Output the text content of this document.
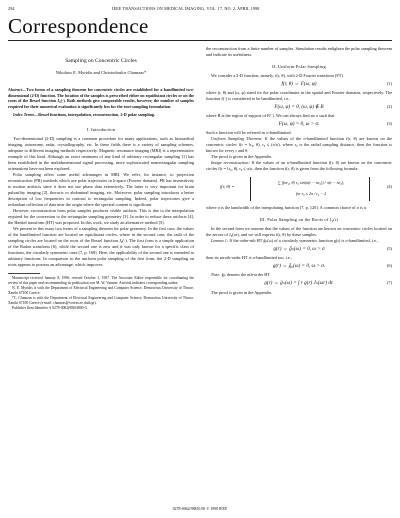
294	IEEE TRANSACTIONS ON MEDICAL IMAGING, VOL. 17, NO. 2, APRIL 1998
Correspondence
Sampling on Concentric Circles
Nikolaos E. Myridis and Christodoulos Chamzas*
Abstract—Two forms of a sampling theorem for concentric circles are established for a bandlimited two-dimensional (2-D) function. The location of the samples is prescribed either on equidistant circles or on the roots of the Bessel function J₀(·). Both methods give comparable results, however, the number of samples required for their numerical evaluation is significantly less for the root-sampling formulation.
Index Terms—Bessel functions, interpolation, reconstruction, 2-D polar sampling.
I. Introduction

Two-dimensional (2-D) sampling is a common procedure for many applications, such as biomedical imaging, astronomy, radar, crystallography, etc. In these fields there is a variety of sampling schemes, adequate to different imaging methods respectively. Magnetic resonance imaging (MRI) is a representative example of this kind. Although an exact treatment of any kind of arbitrary rectangular sampling [1] has been established in the multidimensional signal processing, more sophisticated nonrectangular sampling orientations have not been explored.

Polar sampling offers some useful advantages in MRI. We refer, for instance, to projection reconstruction (PR) methods which use polar trajectories in k-space (Fourier domain). PR has insensitivity to motion artifacts since it does not use phase data extensively. The latter is very important for brain pulsatility imaging [2], thoracic or abdominal imaging, etc. Moreover, polar sampling introduces a better description of low frequencies in contrast to rectangular sampling. Indeed, polar trajectories give a redundant collection of data near the origin where the spectral content is significant.

However, reconstruction from polar samples produces visible artifacts. This is due to the interpolation required for the conversion to the rectangular sampling geometry [3]. In order to reduce these artifacts [4], the Hankel transform (HT) was proposed. In this work, we study an alternative method [5].

We present in this essay two forms of a sampling theorem for polar geometry. In the first case, the values of the bandlimited function are located on equidistant circles, where in the second case, the radii of the sampling circles are located on the roots of the Bessel function J₀(·). The first form is a simple application of the Radon transform [6], while the second one is new and it was only known for a specific class of functions, the circularly symmetric ones [7, p. 168]. Here, the applicability of the second one is extended to arbitrary functions. In comparison to the uniform polar sampling of the first form, the 2-D sampling on roots appears to possess an advantage, which improves

Manuscript received January 8, 1996; revised October 1, 1997. The Associate Editor responsible for coordinating the review of this paper and recommending its publication was M. W. Vannier. Asterisk indicates corresponding author.

N. E. Myridis is with the Department of Electrical Engineering and Computer Science, Democritus University of Thrace, Xanthi 67100 Greece.

*C. Chamzas is with the Department of Electrical Engineering and Computer Science, Democritus University of Thrace, Xanthi 67100 Greece (e-mail: chamzas@voreas.ee.duth.gr).

Publisher Item Identifier S 0278-0062(98)04800-3.

the reconstruction from a finite number of samples. Simulation results enlighten the polar sampling theorem and indicate its usefulness.

II. Uniform Polar Sampling

We consider a 2-D function, namely, f(r, θ), with 2-D Fourier transform (FT)

f(r, θ) ⇔ F(ω, φ)	(1)

where (r, θ) and (ω, φ) stand for the polar coordinates in the spatial and Fourier domains, respectively. The function f(·) is considered to be bandlimited, i.e.,

F(ω, φ) = 0, (ω, φ) ∉ B	(2)

where B is the region of support of F(·). We can always find an σ such that

F(ω, φ) = 0, ω > σ.	(3)

Such a function will be referred as σ-bandlimited.

Uniform Sampling Theorem: If the values of the σ-bandlimited function f(r, θ) are known on the concentric circles f(r = lτ₀, θ), r₀ ≤ (π/σ), where r₀ is the radial sampling distance, then the function is known for every r and θ.

The proof is given in the Appendix.

Image reconstruction: If the values of an σ-bandlimited function f(r, θ) are known on the concentric circles f(r = lτ₀, θ), r₀ ≤ π/σ, then the function f(r, θ) is given from the following formula:

f(r, θ) =
∑ f(nr₀, θ) r₀ sin(σ(r − nr₀)) / π(r − nr₀),
for r₀ ≤ 2π / r₀ − 2
(4)

where σ is the bandwidth of the interpolating function [7, p. 120]. A common choice of σ is σ.

III. Polar Sampling on the Roots of J₀(r)

In the second form we assume that the values of the function are known on concentric circles located on the zeroes of J₀(σr), and we will express f(r, θ) by these samples.

Lemma 1: If the order-nth HT g̃ₙ(ω) of a circularly symmetric function g(r) is σ-bandlimited, i.e.,

g(r) ⇔ g̃ₙ(ω) = 0, ω > σ	(5)

then its zeroth-order HT is σ-bandlimited too, i.e.,

g(r) ⇔ g̃₀(ω) = 0, ω > σ.	(6)

Note: ĝₙ denotes the nth-order HT

g(r) ⇔ ĝₙ(ω) = ∫ r g(r) Jₙ(ωr) dr.	(7)

The proof is given in the Appendix.

0278-0062/98$10.00 © 1998 IEEE
